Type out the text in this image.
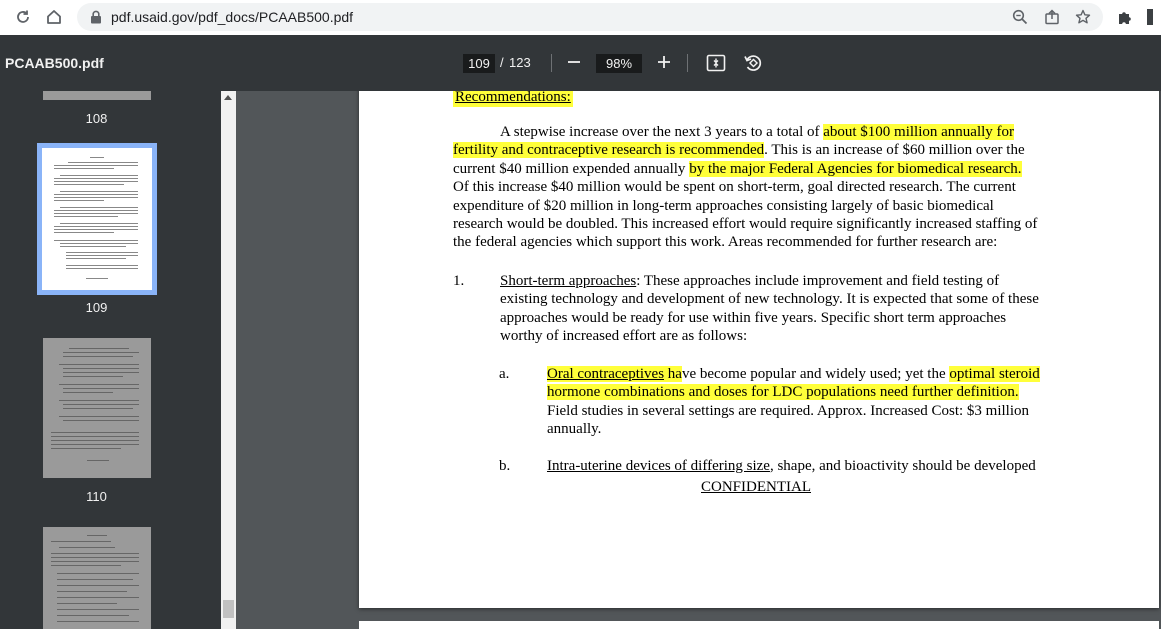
pdf.usaid.gov/pdf_docs/PCAAB500.pdf
PCAAB500.pdf	109 / 123	98%
108
109
110
Recommendations:
A stepwise increase over the next 3 years to a total of about $100 million annually for
fertility and contraceptive research is recommended. This is an increase of $60 million over the
current $40 million expended annually by the major Federal Agencies for biomedical research.
Of this increase $40 million would be spent on short-term, goal directed research. The current
expenditure of $20 million in long-term approaches consisting largely of basic biomedical
research would be doubled. This increased effort would require significantly increased staffing of
the federal agencies which support this work. Areas recommended for further research are:
1. Short-term approaches: These approaches include improvement and field testing of
existing technology and development of new technology. It is expected that some of these
approaches would be ready for use within five years. Specific short term approaches
worthy of increased effort are as follows:
a.	Oral contraceptives have become popular and widely used; yet the optimal steroid
hormone combinations and doses for LDC populations need further definition.
Field studies in several settings are required. Approx. Increased Cost: $3 million
annually.
b. Intra-uterine devices of differing size, shape, and bioactivity should be developed
CONFIDENTIAL
